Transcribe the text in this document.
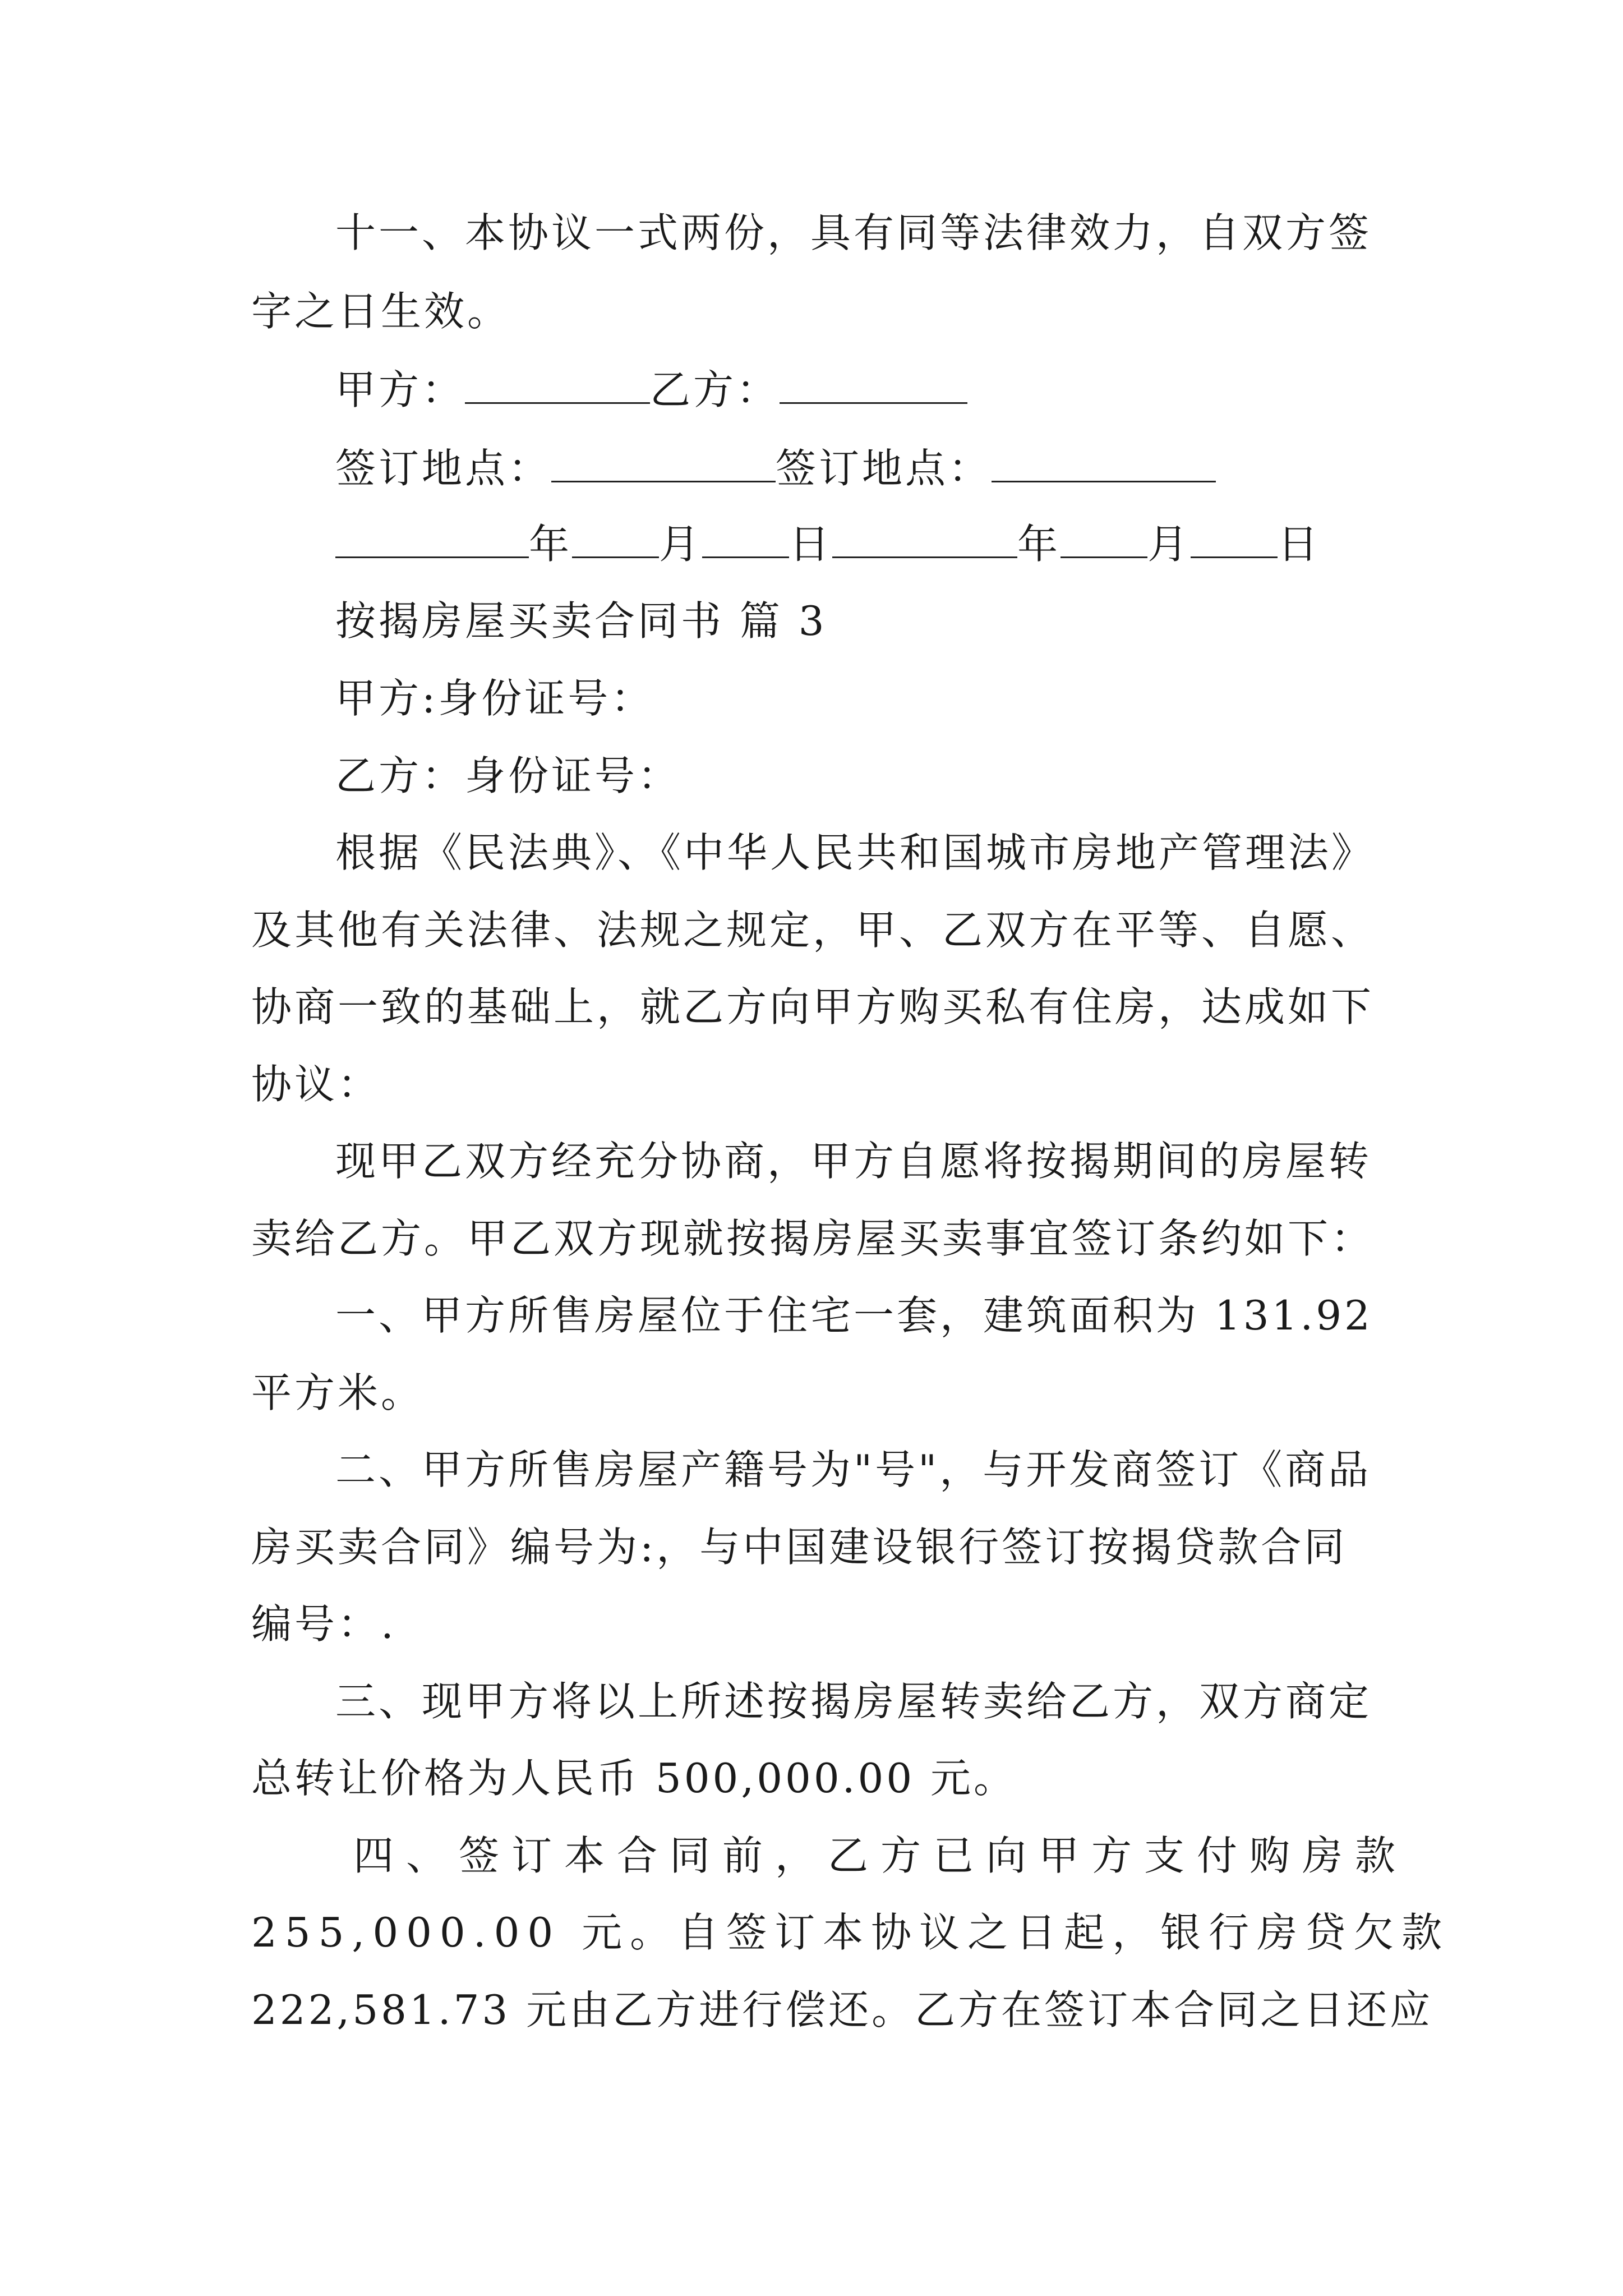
十一、本协议一式两份，具有同等法律效力，自双方签
字之日生效。
甲方：	乙方：
签订地点：	签订地点：
年 月 日	年 月 日
按揭房屋买卖合同书 篇 3
甲方:身份证号：
乙方：身份证号：
根据《民法典》、《中华人民共和国城市房地产管理法》
及其他有关法律、法规之规定，甲、乙双方在平等、自愿、
协商一致的基础上，就乙方向甲方购买私有住房，达成如下
协议：
现甲乙双方经充分协商，甲方自愿将按揭期间的房屋转
卖给乙方。甲乙双方现就按揭房屋买卖事宜签订条约如下：
一、甲方所售房屋位于住宅一套，建筑面积为 131.92
平方米。
二、甲方所售房屋产籍号为"号"，与开发商签订《商品
房买卖合同》编号为:，与中国建设银行签订按揭贷款合同
编号：.
三、现甲方将以上所述按揭房屋转卖给乙方，双方商定
总转让价格为人民币 500,000.00 元。
四、签订本合同前，乙方已向甲方支付购房款
255,000.00 元。自签订本协议之日起，银行房贷欠款
222,581.73 元由乙方进行偿还。乙方在签订本合同之日还应
